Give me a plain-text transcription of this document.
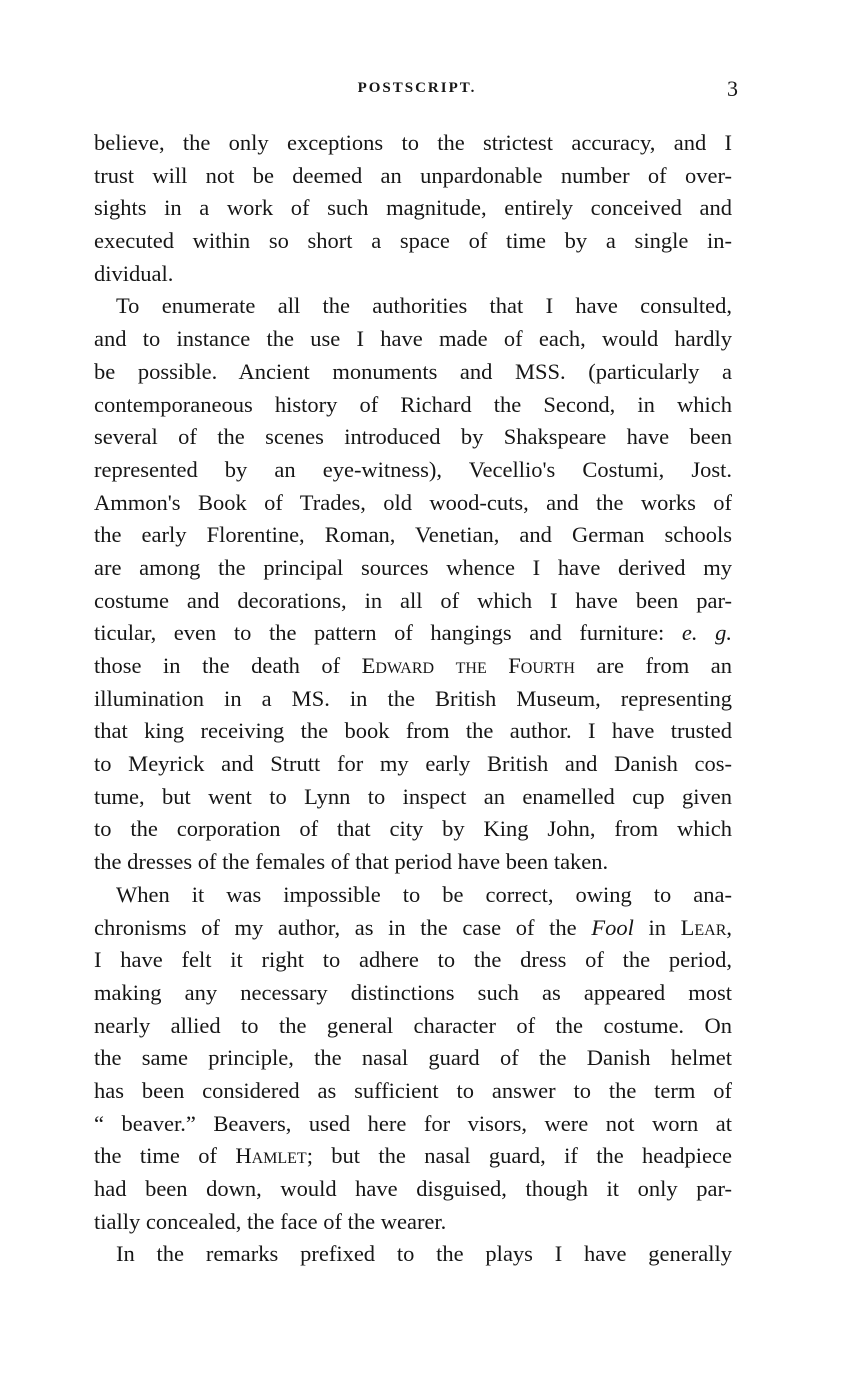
POSTSCRIPT.	3
believe, the only exceptions to the strictest accuracy, and I
trust will not be deemed an unpardonable number of over-
sights in a work of such magnitude, entirely conceived and
executed within so short a space of time by a single in-
dividual.
To enumerate all the authorities that I have consulted,
and to instance the use I have made of each, would hardly
be possible. Ancient monuments and MSS. (particularly a
contemporaneous history of Richard the Second, in which
several of the scenes introduced by Shakspeare have been
represented by an eye-witness), Vecellio's Costumi, Jost.
Ammon's Book of Trades, old wood-cuts, and the works of
the early Florentine, Roman, Venetian, and German schools
are among the principal sources whence I have derived my
costume and decorations, in all of which I have been par-
ticular, even to the pattern of hangings and furniture: e. g.
those in the death of Edward the Fourth are from an
illumination in a MS. in the British Museum, representing
that king receiving the book from the author. I have trusted
to Meyrick and Strutt for my early British and Danish cos-
tume, but went to Lynn to inspect an enamelled cup given
to the corporation of that city by King John, from which
the dresses of the females of that period have been taken.
When it was impossible to be correct, owing to ana-
chronisms of my author, as in the case of the Fool in Lear,
I have felt it right to adhere to the dress of the period,
making any necessary distinctions such as appeared most
nearly allied to the general character of the costume. On
the same principle, the nasal guard of the Danish helmet
has been considered as sufficient to answer to the term of
“ beaver.” Beavers, used here for visors, were not worn at
the time of Hamlet; but the nasal guard, if the headpiece
had been down, would have disguised, though it only par-
tially concealed, the face of the wearer.
In the remarks prefixed to the plays I have generally
